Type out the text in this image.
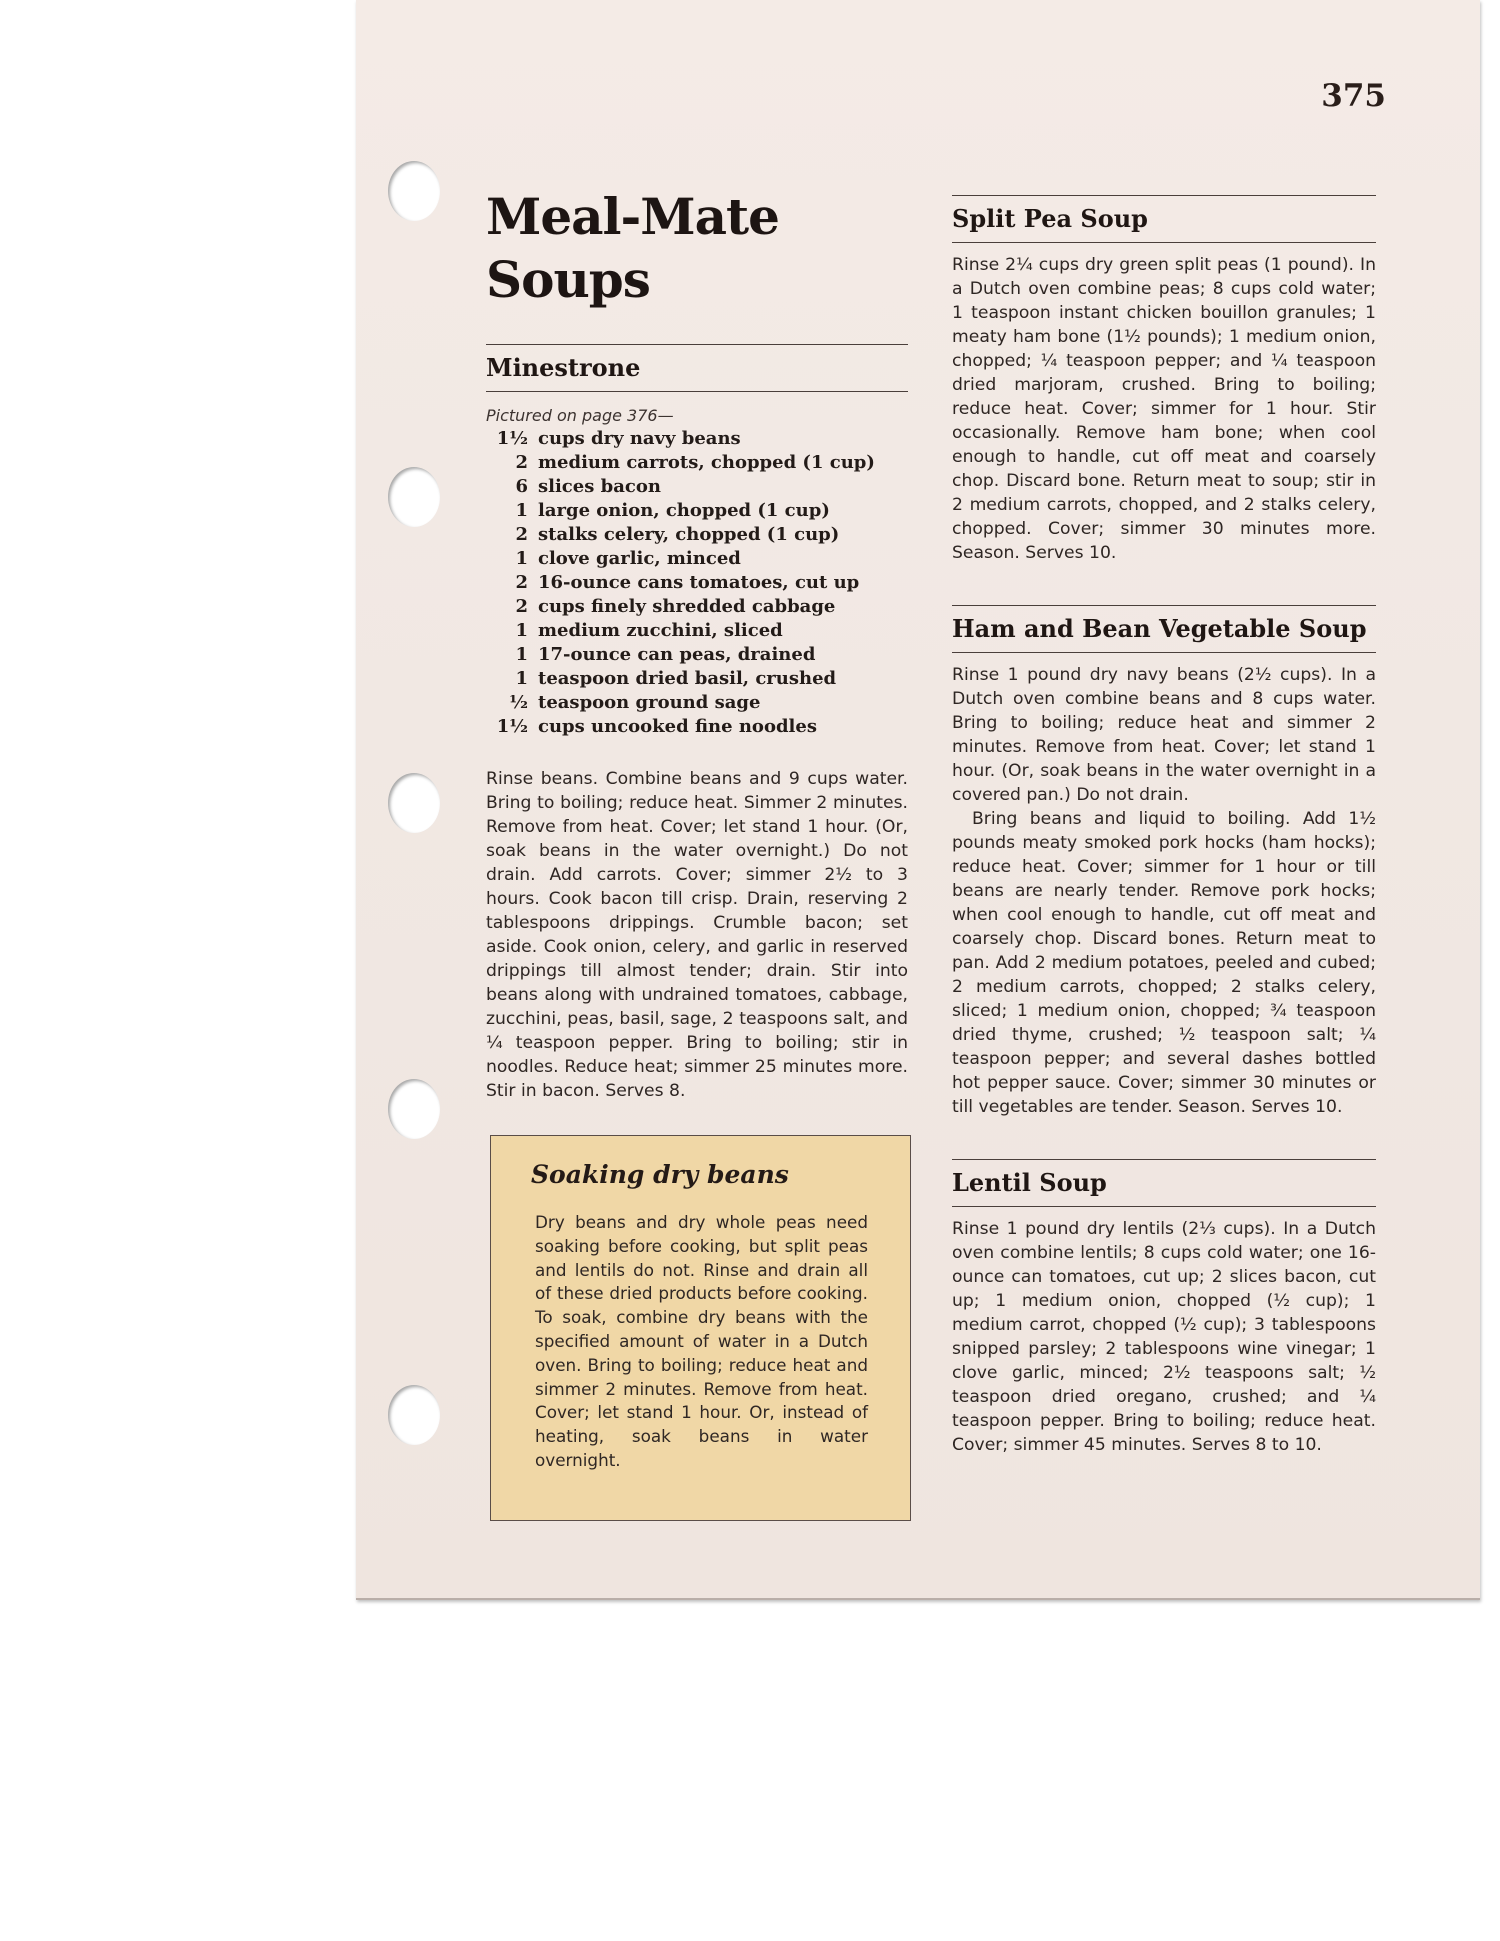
375
Meal-Mate
Soups
Minestrone
Pictured on page 376—
1½ cups dry navy beans
2 medium carrots, chopped (1 cup)
6 slices bacon
1 large onion, chopped (1 cup)
2 stalks celery, chopped (1 cup)
1 clove garlic, minced
2 16-ounce cans tomatoes, cut up
2 cups finely shredded cabbage
1 medium zucchini, sliced
1 17-ounce can peas, drained
1 teaspoon dried basil, crushed
½ teaspoon ground sage
1½ cups uncooked fine noodles

Rinse beans. Combine beans and 9 cups water. Bring to boiling; reduce heat. Simmer 2 minutes. Remove from heat. Cover; let stand 1 hour. (Or, soak beans in the water overnight.) Do not drain. Add carrots. Cover; simmer 2½ to 3 hours. Cook bacon till crisp. Drain, reserving 2 tablespoons drippings. Crumble bacon; set aside. Cook onion, celery, and garlic in reserved drippings till almost tender; drain. Stir into beans along with undrained tomatoes, cabbage, zucchini, peas, basil, sage, 2 teaspoons salt, and ¼ teaspoon pepper. Bring to boiling; stir in noodles. Reduce heat; simmer 25 minutes more. Stir in bacon. Serves 8.

Soaking dry beans

Dry beans and dry whole peas need soaking before cooking, but split peas and lentils do not. Rinse and drain all of these dried products before cooking. To soak, combine dry beans with the specified amount of water in a Dutch oven. Bring to boiling; reduce heat and simmer 2 minutes. Remove from heat. Cover; let stand 1 hour. Or, instead of heating, soak beans in water overnight.

Split Pea Soup

Rinse 2¼ cups dry green split peas (1 pound). In a Dutch oven combine peas; 8 cups cold water; 1 teaspoon instant chicken bouillon granules; 1 meaty ham bone (1½ pounds); 1 medium onion, chopped; ¼ teaspoon pepper; and ¼ teaspoon dried marjoram, crushed. Bring to boiling; reduce heat. Cover; simmer for 1 hour. Stir occasionally. Remove ham bone; when cool enough to handle, cut off meat and coarsely chop. Discard bone. Return meat to soup; stir in 2 medium carrots, chopped, and 2 stalks celery, chopped. Cover; simmer 30 minutes more. Season. Serves 10.

Ham and Bean Vegetable Soup

Rinse 1 pound dry navy beans (2½ cups). In a Dutch oven combine beans and 8 cups water. Bring to boiling; reduce heat and simmer 2 minutes. Remove from heat. Cover; let stand 1 hour. (Or, soak beans in the water overnight in a covered pan.) Do not drain.

Bring beans and liquid to boiling. Add 1½ pounds meaty smoked pork hocks (ham hocks); reduce heat. Cover; simmer for 1 hour or till beans are nearly tender. Remove pork hocks; when cool enough to handle, cut off meat and coarsely chop. Discard bones. Return meat to pan. Add 2 medium potatoes, peeled and cubed; 2 medium carrots, chopped; 2 stalks celery, sliced; 1 medium onion, chopped; ¾ teaspoon dried thyme, crushed; ½ teaspoon salt; ¼ teaspoon pepper; and several dashes bottled hot pepper sauce. Cover; simmer 30 minutes or till vegetables are tender. Season. Serves 10.

Lentil Soup

Rinse 1 pound dry lentils (2⅓ cups). In a Dutch oven combine lentils; 8 cups cold water; one 16-ounce can tomatoes, cut up; 2 slices bacon, cut up; 1 medium onion, chopped (½ cup); 1 medium carrot, chopped (½ cup); 3 tablespoons snipped parsley; 2 tablespoons wine vinegar; 1 clove garlic, minced; 2½ teaspoons salt; ½ teaspoon dried oregano, crushed; and ¼ teaspoon pepper. Bring to boiling; reduce heat. Cover; simmer 45 minutes. Serves 8 to 10.
